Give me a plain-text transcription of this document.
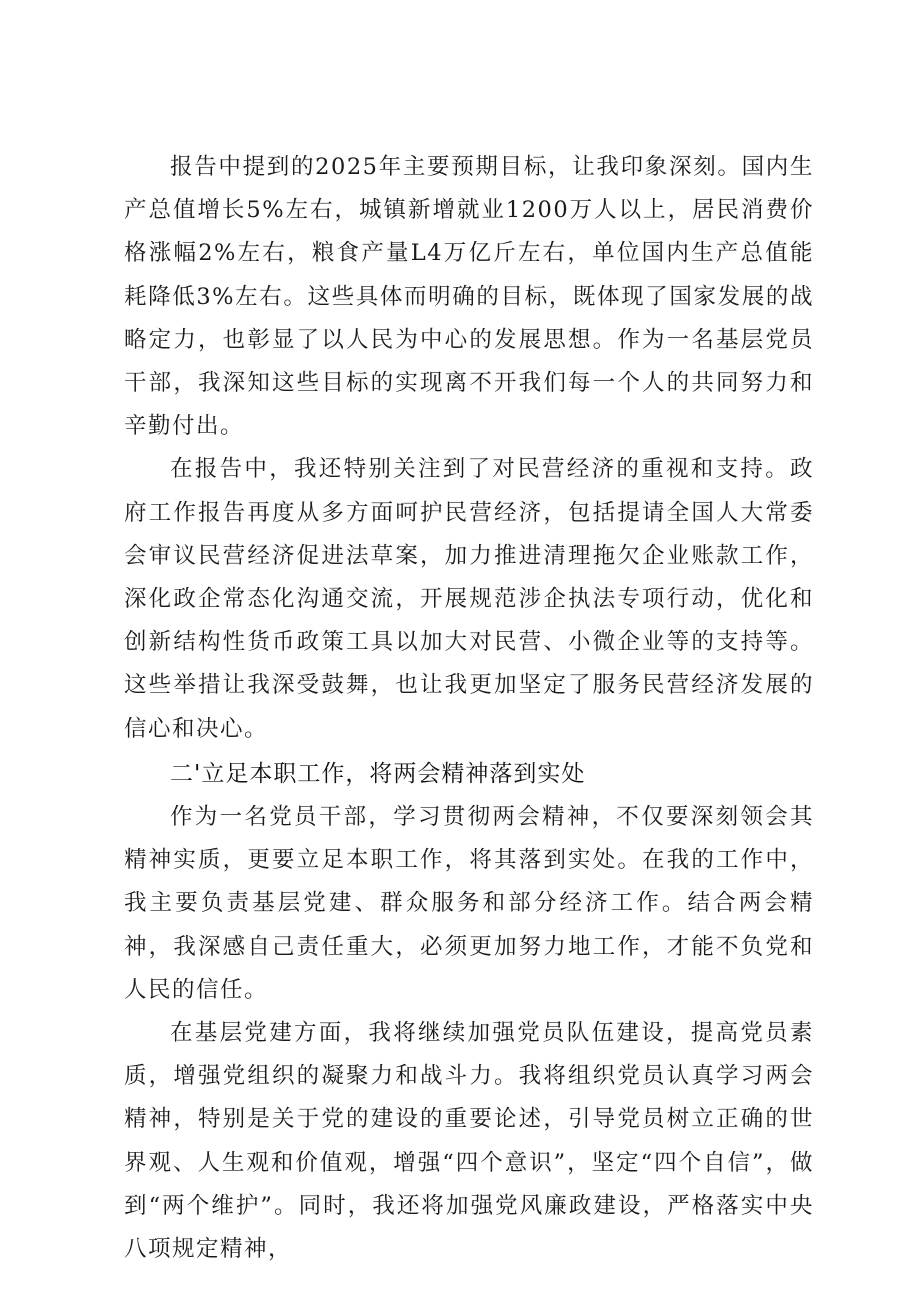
报告中提到的2025年主要预期目标，让我印象深刻。国内生产总值增长5%左右，城镇新增就业1200万人以上，居民消费价格涨幅2%左右，粮食产量L4万亿斤左右，单位国内生产总值能耗降低3%左右。这些具体而明确的目标，既体现了国家发展的战略定力，也彰显了以人民为中心的发展思想。作为一名基层党员干部，我深知这些目标的实现离不开我们每一个人的共同努力和辛勤付出。

在报告中，我还特别关注到了对民营经济的重视和支持。政府工作报告再度从多方面呵护民营经济，包括提请全国人大常委会审议民营经济促进法草案，加力推进清理拖欠企业账款工作，深化政企常态化沟通交流，开展规范涉企执法专项行动，优化和创新结构性货币政策工具以加大对民营、小微企业等的支持等。这些举措让我深受鼓舞，也让我更加坚定了服务民营经济发展的信心和决心。

二'立足本职工作，将两会精神落到实处

作为一名党员干部，学习贯彻两会精神，不仅要深刻领会其精神实质，更要立足本职工作，将其落到实处。在我的工作中，我主要负责基层党建、群众服务和部分经济工作。结合两会精神，我深感自己责任重大，必须更加努力地工作，才能不负党和人民的信任。

在基层党建方面，我将继续加强党员队伍建设，提高党员素质，增强党组织的凝聚力和战斗力。我将组织党员认真学习两会精神，特别是关于党的建设的重要论述，引导党员树立正确的世界观、人生观和价值观，增强“四个意识”，坚定“四个自信”，做到“两个维护”。同时，我还将加强党风廉政建设，严格落实中央八项规定精神，
